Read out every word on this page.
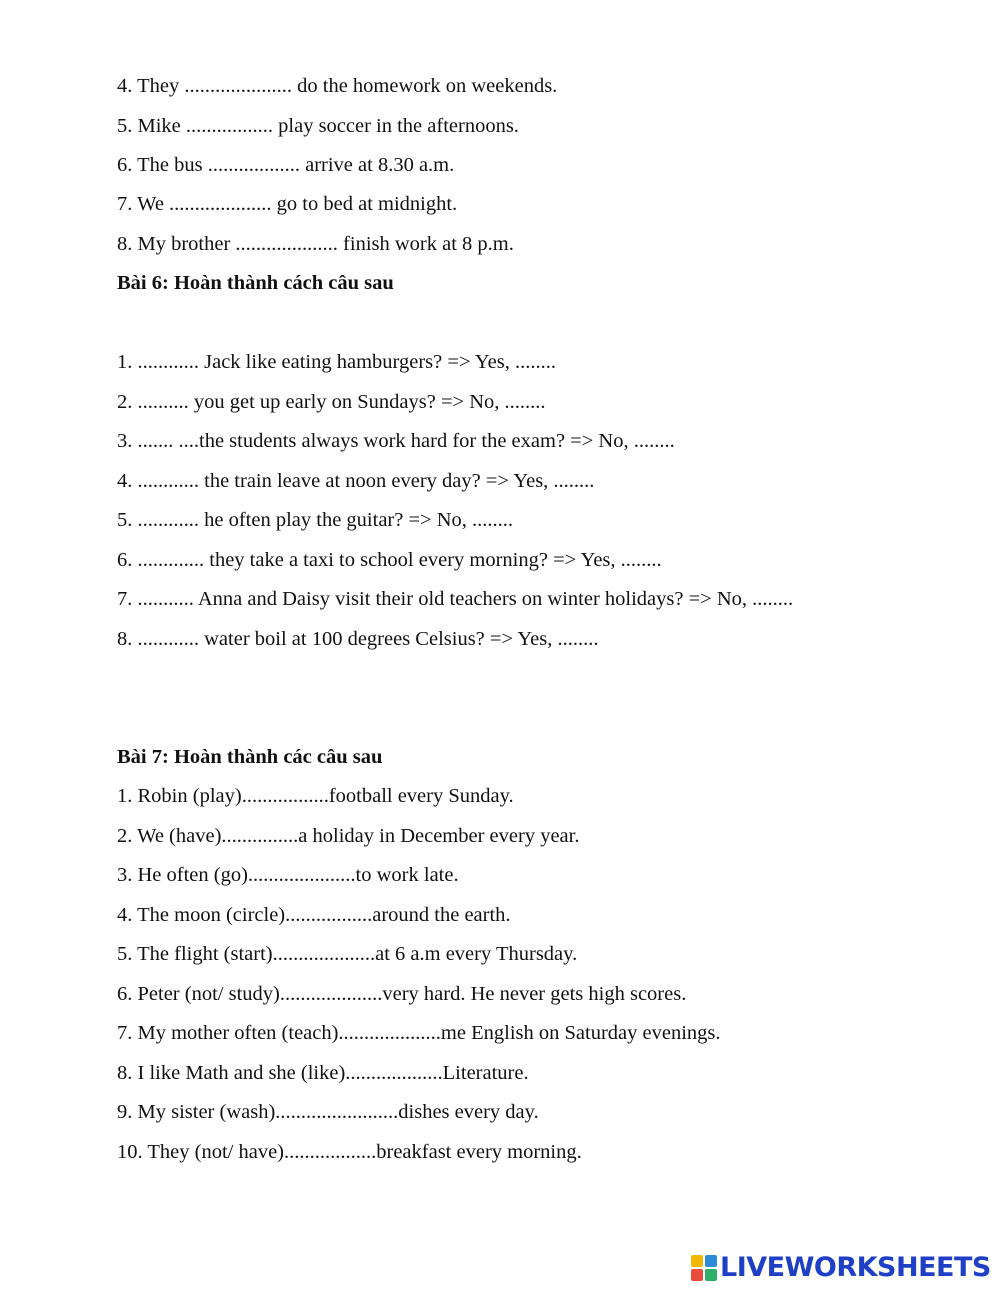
4. They ..................... do the homework on weekends.

5. Mike ................. play soccer in the afternoons.

6. The bus .................. arrive at 8.30 a.m.

7. We .................... go to bed at midnight.

8. My brother .................... finish work at 8 p.m.

Bài 6: Hoàn thành cách câu sau

1. ............ Jack like eating hamburgers? => Yes, ........

2. .......... you get up early on Sundays? => No, ........

3. ....... ....the students always work hard for the exam? => No, ........

4. ............ the train leave at noon every day? => Yes, ........

5. ............ he often play the guitar? => No, ........

6. ............. they take a taxi to school every morning? => Yes, ........

7. ........... Anna and Daisy visit their old teachers on winter holidays? => No, ........

8. ............ water boil at 100 degrees Celsius? => Yes, ........

Bài 7: Hoàn thành các câu sau

1. Robin (play).................football every Sunday.

2. We (have)...............a holiday in December every year.

3. He often (go).....................to work late.

4. The moon (circle).................around the earth.

5. The flight (start)....................at 6 a.m every Thursday.

6. Peter (not/ study)....................very hard. He never gets high scores.

7. My mother often (teach)....................me English on Saturday evenings.

8. I like Math and she (like)...................Literature.

9. My sister (wash)........................dishes every day.

10. They (not/ have)..................breakfast every morning.

LIVEWORKSHEETS
